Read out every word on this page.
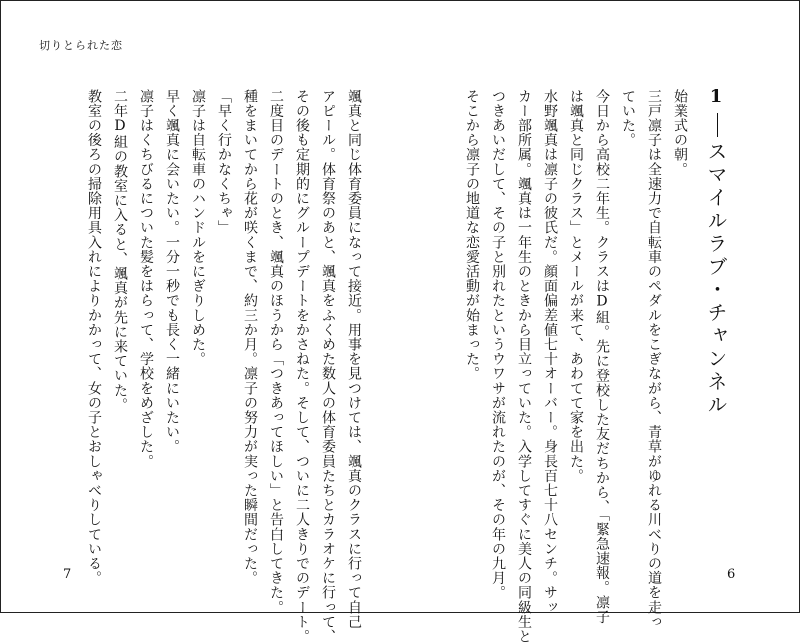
切りとられた恋
1
スマイルラブ・チャンネル

始業式の朝。

三戸凛子は全速力で自転車のペダルをこぎながら、青草がゆれる川べりの道を走っ

ていた。

今日から高校二年生。クラスはD組。先に登校した友だちから、「緊急速報。凛子

は颯真と同じクラス」とメールが来て、あわてて家を出た。

水野颯真は凛子の彼氏だ。顔面偏差値七十オーバー。身長百七十八センチ。サッ

カー部所属。颯真は一年生のときから目立っていた。入学してすぐに美人の同級生と

つきあいだして、その子と別れたというウワサが流れたのが、その年の九月。

そこから凛子の地道な恋愛活動が始まった。

颯真と同じ体育委員になって接近。用事を見つけては、颯真のクラスに行って自己

アピール。体育祭のあと、颯真をふくめた数人の体育委員たちとカラオケに行って、

その後も定期的にグループデートをかさねた。そして、ついに二人きりでのデート。

二度目のデートのとき、颯真のほうから「つきあってほしい」と告白してきた。

種をまいてから花が咲くまで、約三か月。凛子の努力が実った瞬間だった。

「早く行かなくちゃ」

凛子は自転車のハンドルをにぎりしめた。

早く颯真に会いたい。一分一秒でも長く一緒にいたい。

凛子はくちびるについた髪をはらって、学校をめざした。

二年D組の教室に入ると、颯真が先に来ていた。

教室の後ろの掃除用具入れによりかかって、女の子とおしゃべりしている。

7	6
